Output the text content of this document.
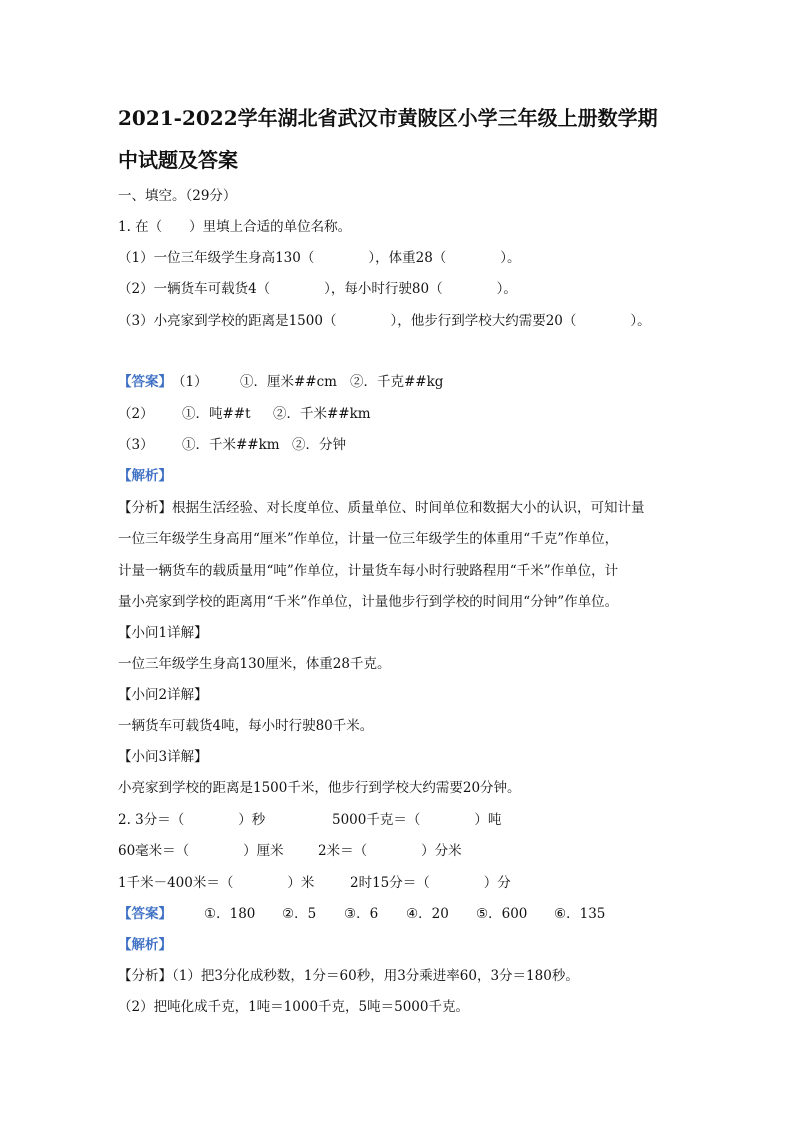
2021-2022学年湖北省武汉市黄陂区小学三年级上册数学期
中试题及答案
一、填空。（29分）
1. 在（　　）里填上合适的单位名称。
（1）一位三年级学生身高130（　　　　），体重28（　　　　）。
（2）一辆货车可载货4（　　　　），每小时行驶80（　　　　）。
（3）小亮家到学校的距离是1500（　　　　），他步行到学校大约需要20（　　　　）。
【答案】 （1） ①．厘米##cm ②．千克##kg
（2） ①．吨##t ②．千米##km
（3） ①．千米##km ②．分钟
【解析】
【分析】根据生活经验、对长度单位、质量单位、时间单位和数据大小的认识，可知计量
一位三年级学生身高用“厘米”作单位，计量一位三年级学生的体重用“千克”作单位，
计量一辆货车的载质量用“吨”作单位，计量货车每小时行驶路程用“千米”作单位，计
量小亮家到学校的距离用“千米”作单位，计量他步行到学校的时间用“分钟”作单位。
【小问1详解】
一位三年级学生身高130厘米，体重28千克。
【小问2详解】
一辆货车可载货4吨，每小时行驶80千米。
【小问3详解】
小亮家到学校的距离是1500千米，他步行到学校大约需要20分钟。
2. 3分＝（　　　　）秒	5000千克＝（　　　　）吨
60毫米＝（　　　　）厘米	2米＝（　　　　）分米
1千米－400米＝（　　　　）米	2时15分＝（　　　　）分
【答案】 ①．180 ②．5 ③．6 ④．20 ⑤．600 ⑥．135
【解析】
【分析】（1）把3分化成秒数，1分＝60秒，用3分乘进率60，3分＝180秒。
（2）把吨化成千克，1吨＝1000千克，5吨＝5000千克。
